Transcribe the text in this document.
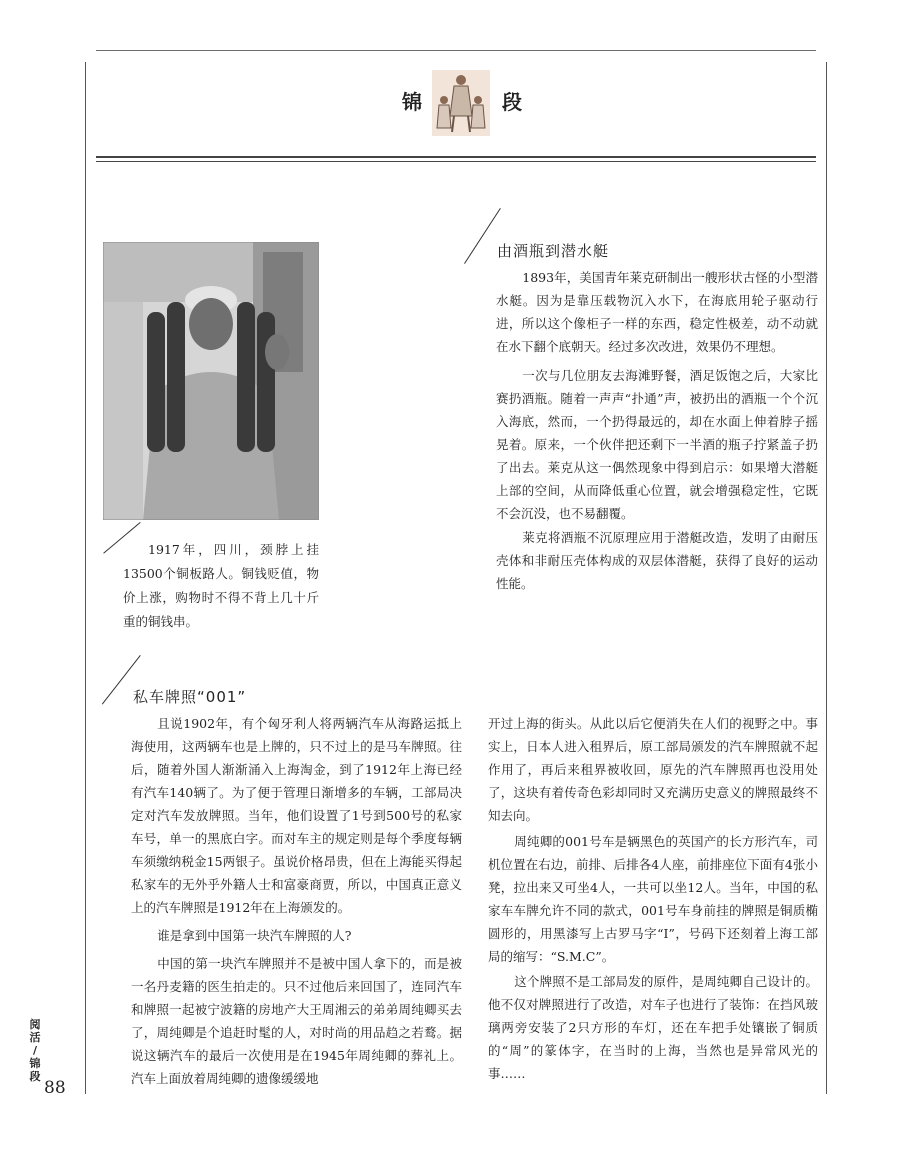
锦	段
由酒瓶到潜水艇

1893年，美国青年莱克研制出一艘形状古怪的小型潜水艇。因为是靠压载物沉入水下，在海底用轮子驱动行进，所以这个像柜子一样的东西，稳定性极差，动不动就在水下翻个底朝天。经过多次改进，效果仍不理想。

一次与几位朋友去海滩野餐，酒足饭饱之后，大家比赛扔酒瓶。随着一声声“扑通”声，被扔出的酒瓶一个个沉入海底，然而，一个扔得最远的，却在水面上伸着脖子摇晃着。原来，一个伙伴把还剩下一半酒的瓶子拧紧盖子扔了出去。莱克从这一偶然现象中得到启示：如果增大潜艇上部的空间，从而降低重心位置，就会增强稳定性，它既不会沉没，也不易翻覆。

莱克将酒瓶不沉原理应用于潜艇改造，发明了由耐压壳体和非耐压壳体构成的双层体潜艇，获得了良好的运动性能。

1917年，四川，颈脖上挂13500个铜板路人。铜钱贬值，物价上涨，购物时不得不背上几十斤重的铜钱串。

私车牌照“001”

且说1902年，有个匈牙利人将两辆汽车从海路运抵上海使用，这两辆车也是上牌的，只不过上的是马车牌照。往后，随着外国人渐渐涌入上海淘金，到了1912年上海已经有汽车140辆了。为了便于管理日渐增多的车辆，工部局决定对汽车发放牌照。当年，他们设置了1号到500号的私家车号，单一的黑底白字。而对车主的规定则是每个季度每辆车须缴纳税金15两银子。虽说价格昂贵，但在上海能买得起私家车的无外乎外籍人士和富豪商贾，所以，中国真正意义上的汽车牌照是1912年在上海颁发的。

谁是拿到中国第一块汽车牌照的人?

中国的第一块汽车牌照并不是被中国人拿下的，而是被一名丹麦籍的医生拍走的。只不过他后来回国了，连同汽车和牌照一起被宁波籍的房地产大王周湘云的弟弟周纯卿买去了，周纯卿是个追赶时髦的人，对时尚的用品趋之若鹜。据说这辆汽车的最后一次使用是在1945年周纯卿的葬礼上。汽车上面放着周纯卿的遗像缓缓地

开过上海的街头。从此以后它便消失在人们的视野之中。事实上，日本人进入租界后，原工部局颁发的汽车牌照就不起作用了，再后来租界被收回，原先的汽车牌照再也没用处了，这块有着传奇色彩却同时又充满历史意义的牌照最终不知去向。

周纯卿的001号车是辆黑色的英国产的长方形汽车，司机位置在右边，前排、后排各4人座，前排座位下面有4张小凳，拉出来又可坐4人，一共可以坐12人。当年，中国的私家车车牌允许不同的款式，001号车身前挂的牌照是铜质椭圆形的，用黑漆写上古罗马字“I”，号码下还刻着上海工部局的缩写：“S.M.C”。

这个牌照不是工部局发的原件，是周纯卿自己设计的。他不仅对牌照进行了改造，对车子也进行了装饰：在挡风玻璃两旁安装了2只方形的车灯，还在车把手处镶嵌了铜质的“周”的篆体字，在当时的上海，当然也是异常风光的事……

阅活
/
锦段
88
